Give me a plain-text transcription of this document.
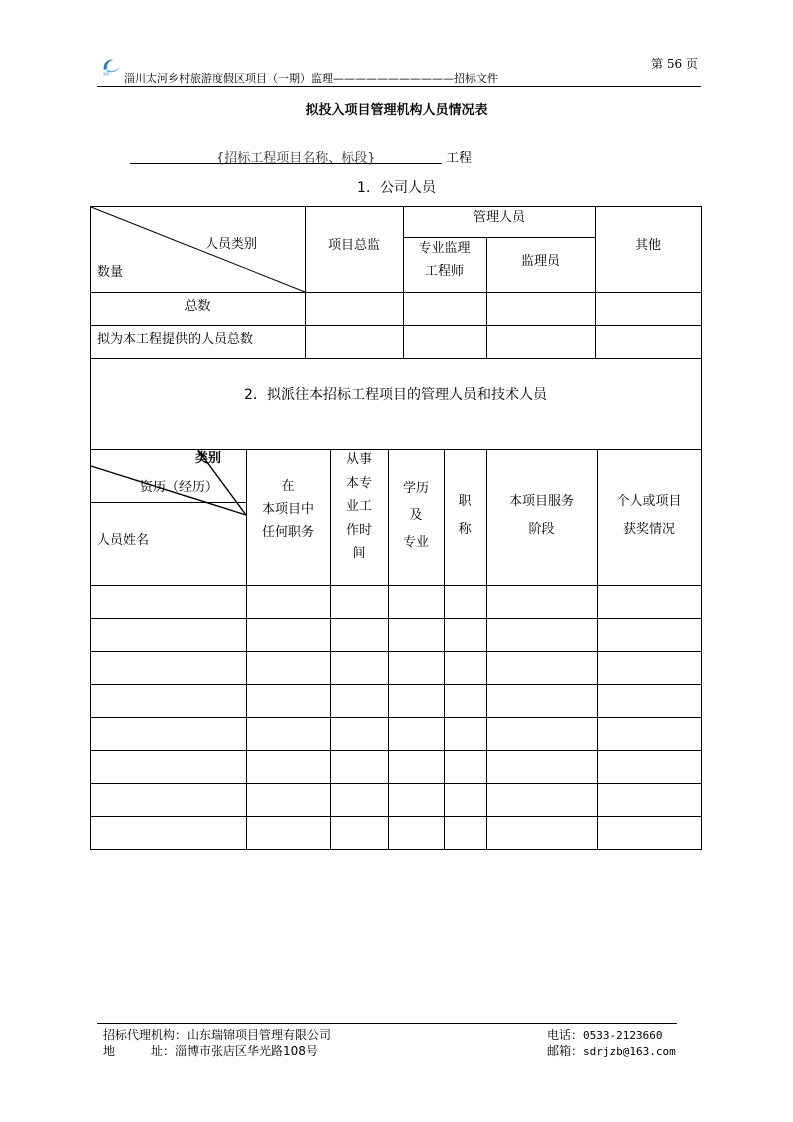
瑞锦 淄川太河乡村旅游度假区项目（一期）监理———————————招标文件
第 56 页
拟投入项目管理机构人员情况表
{招标工程项目名称、标段}	工程
1．公司人员
人员类别
数量
项目总监
管理人员
专业监理
工程师
监理员
其他
总数
拟为本工程提供的人员总数
2．拟派往本招标工程项目的管理人员和技术人员
类别
资历（经历）
人员姓名
在
本项目中
任何职务
从事
本专
业工
作时
间
学历
及
专业
职
称
本项目服务
阶段
个人或项目
获奖情况
招标代理机构：山东瑞锦项目管理有限公司
地　　　址：淄博市张店区华光路108号
电话：0533-2123660
邮箱：sdrjzb@163.com
